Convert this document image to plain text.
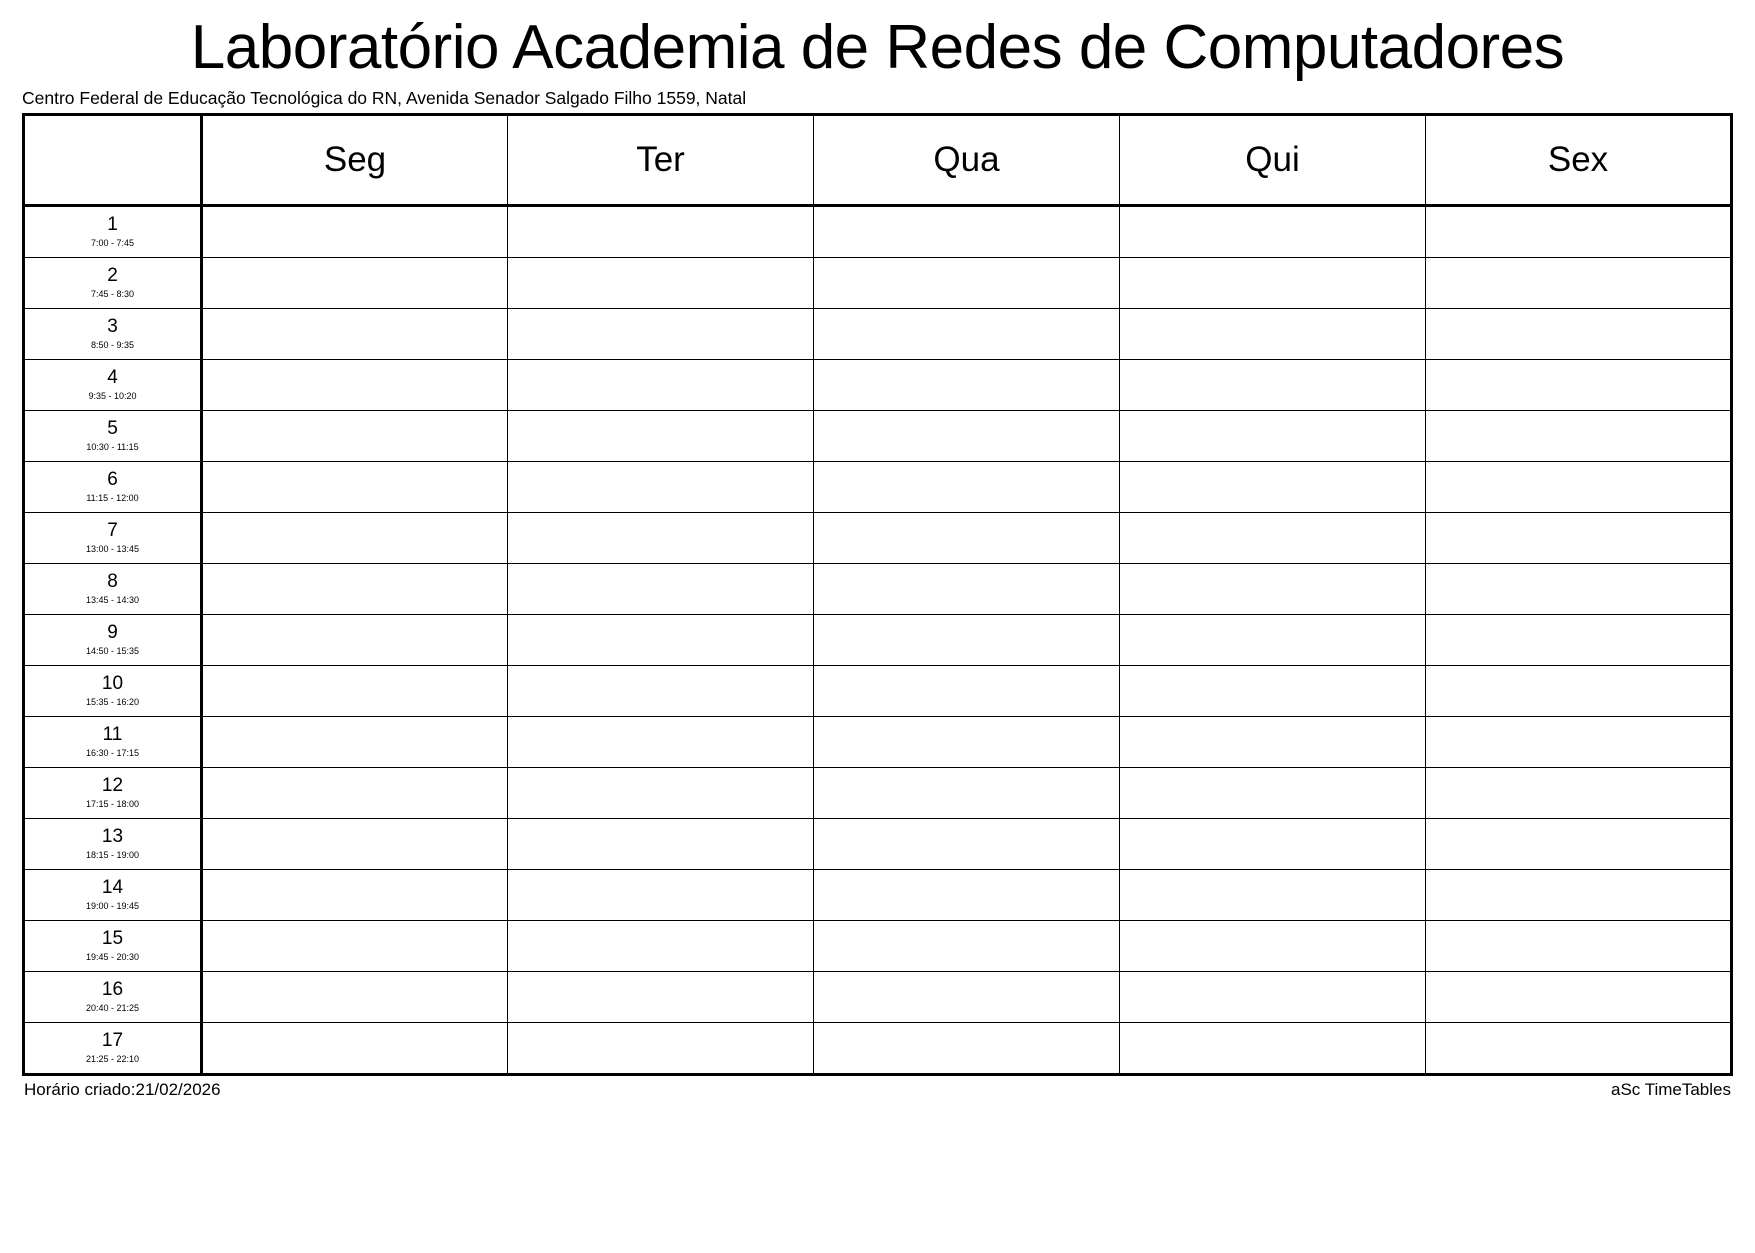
Laboratório Academia de Redes de Computadores
Centro Federal de Educação Tecnológica do RN, Avenida Senador Salgado Filho 1559, Natal
	Seg	Ter	Qua	Qui	Sex

1
7:00 - 7:45					

2
7:45 - 8:30					

3
8:50 - 9:35					

4
9:35 - 10:20					

5
10:30 - 11:15					

6
11:15 - 12:00					

7
13:00 - 13:45					

8
13:45 - 14:30					

9
14:50 - 15:35					

10
15:35 - 16:20					

11
16:30 - 17:15					

12
17:15 - 18:00					

13
18:15 - 19:00					

14
19:00 - 19:45					

15
19:45 - 20:30					

16
20:40 - 21:25					

17
21:25 - 22:10					

Horário criado:21/02/2026	aSc TimeTables
